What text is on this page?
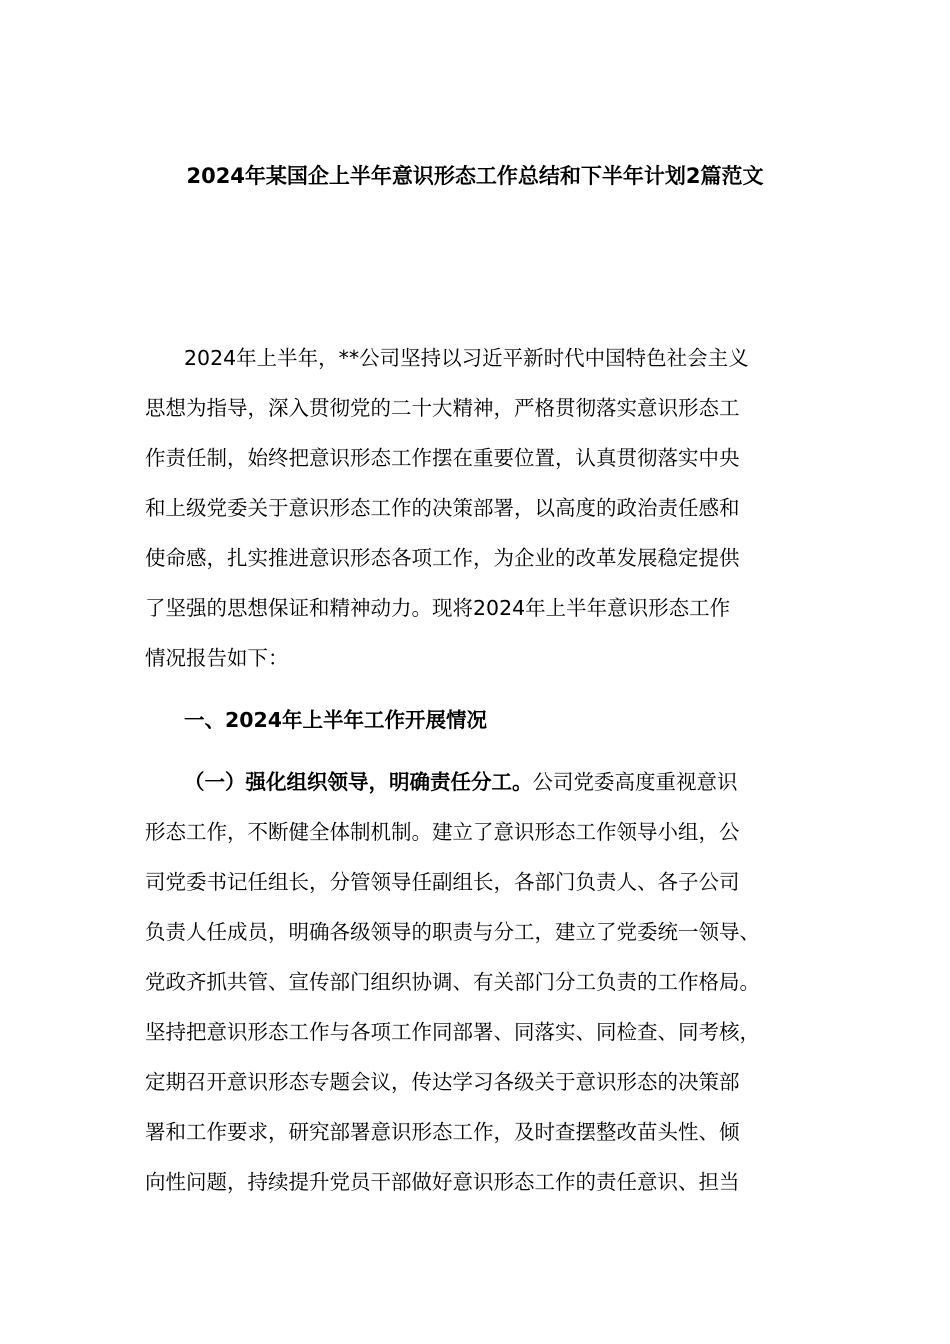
2024年某国企上半年意识形态工作总结和下半年计划2篇范文
2024年上半年，**公司坚持以习近平新时代中国特色社会主义
思想为指导，深入贯彻党的二十大精神，严格贯彻落实意识形态工
作责任制，始终把意识形态工作摆在重要位置，认真贯彻落实中央
和上级党委关于意识形态工作的决策部署，以高度的政治责任感和
使命感，扎实推进意识形态各项工作，为企业的改革发展稳定提供
了坚强的思想保证和精神动力。现将2024年上半年意识形态工作
情况报告如下：
一、2024年上半年工作开展情况
（一）强化组织领导，明确责任分工。公司党委高度重视意识
形态工作，不断健全体制机制。建立了意识形态工作领导小组，公
司党委书记任组长，分管领导任副组长，各部门负责人、各子公司
负责人任成员，明确各级领导的职责与分工，建立了党委统一领导、
党政齐抓共管、宣传部门组织协调、有关部门分工负责的工作格局。
坚持把意识形态工作与各项工作同部署、同落实、同检查、同考核，
定期召开意识形态专题会议，传达学习各级关于意识形态的决策部
署和工作要求，研究部署意识形态工作，及时查摆整改苗头性、倾
向性问题，持续提升党员干部做好意识形态工作的责任意识、担当
